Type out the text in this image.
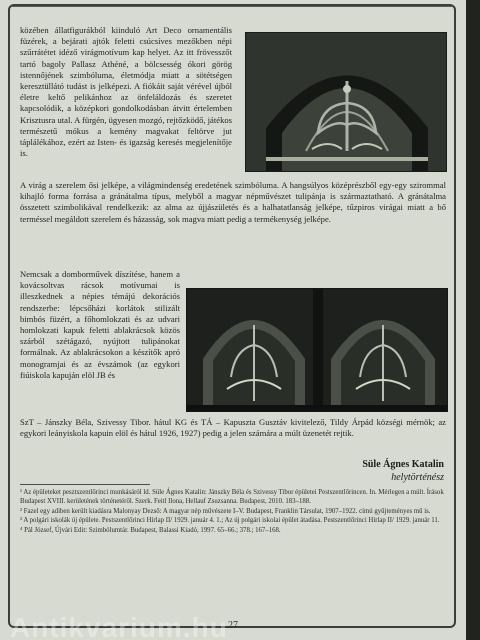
közében állatfigurákból kiinduló Art Deco ornamentális füzérek, a bejárati ajtók feletti csúcsíves mezőkben népi szűrrátétet idéző virágmotívum kap helyet. Az itt frövesszőt tartó bagoly Pallasz Athéné, a bölcsesség ókori görög istennőjének szimbóluma, életmódja miatt a sötétségen keresztüllátó tudást is jelképezi. A fiókáit saját vérével újból életre keltő pelikánhoz az önfeláldozás és szeretet kapcsolódik, a középkori gondolkodásban átvitt értelemben Krisztusra utal. A fürgén, ügyesen mozgó, rejtőzködő, játékos természetű mókus a kemény magvakat feltörve jut táplálékához, ezért az Isten- és igazság keresés megjelenítője is.

A virág a szerelem ősi jelképe, a világmindenség eredetének szimbóluma. A hangsúlyos középrészből egy-egy szirommal kihajló forma forrása a gránátalma típus, melyből a magyar népművészet tulipánja is származtatható. A gránátalma összetett szimbolikával rendelkezik: az alma az újjászületés és a halhatatlanság jelképe, tűzpiros virágai miatt a bő terméssel megáldott szerelem és házasság, sok magva miatt pedig a termékenység jelképe.

Nemcsak a domborművek díszítése, hanem a kovácsoltvas rácsok motívumai is illeszkednek a népies témájú dekorációs rendszerbe: lépcsőházi korlátok stilizált bimbós füzért, a főhomlokzati és az udvari homlokzati kapuk feletti ablakrácsok közös szárból szétágazó, nyújtott tulipánokat formálnak. Az ablakrácsokon a készítők apró monogramjai és az évszámok (az egykori fiúiskola kapuján elöl JB és

SzT – Jánszky Béla, Szivessy Tibor. hátul KG és TÁ – Kapuszta Gusztáv kivitelező, Tildy Árpád községi mérnök; az egykori leányiskola kapuin elöl és hátul 1926, 1927) pedig a jelen számára a múlt üzenetét rejtik.

Süle Ágnes Katalin
helytörténész

¹ Az épületeket pesztszentlőrinci munkásáról ld. Süle Ágnes Katalin: Jánszky Béla és Szivessy Tibor épületei Pestszentlőrincen. In. Mérlegen a múlt. Írások Budapest XVIII. kerületének történetéről. Szerk. Feitl Ilona, Hellauf Zsuzsanna. Budapest, 2010. 183–188.

² Fazel egy adiben került kiadásra Malonyay Dezső: A magyar nép művészete I–V. Budapest, Franklin Társulat, 1907–1922. címú gyűjteményes mű is.

³ A polgári iskolák új épülete. Pestszentlőrinci Hírlap II/ 1929. január 4. 1.; Az új polgári iskolai épület átadása. Pestszentlőrinci Hírlap II/ 1929. január 11.

⁴ Pál József, Újvári Edit: Szimbólumtár. Budapest, Balassi Kiadó, 1997. 65–66.; 378.; 167–168.

Antikvarium.hu 27
